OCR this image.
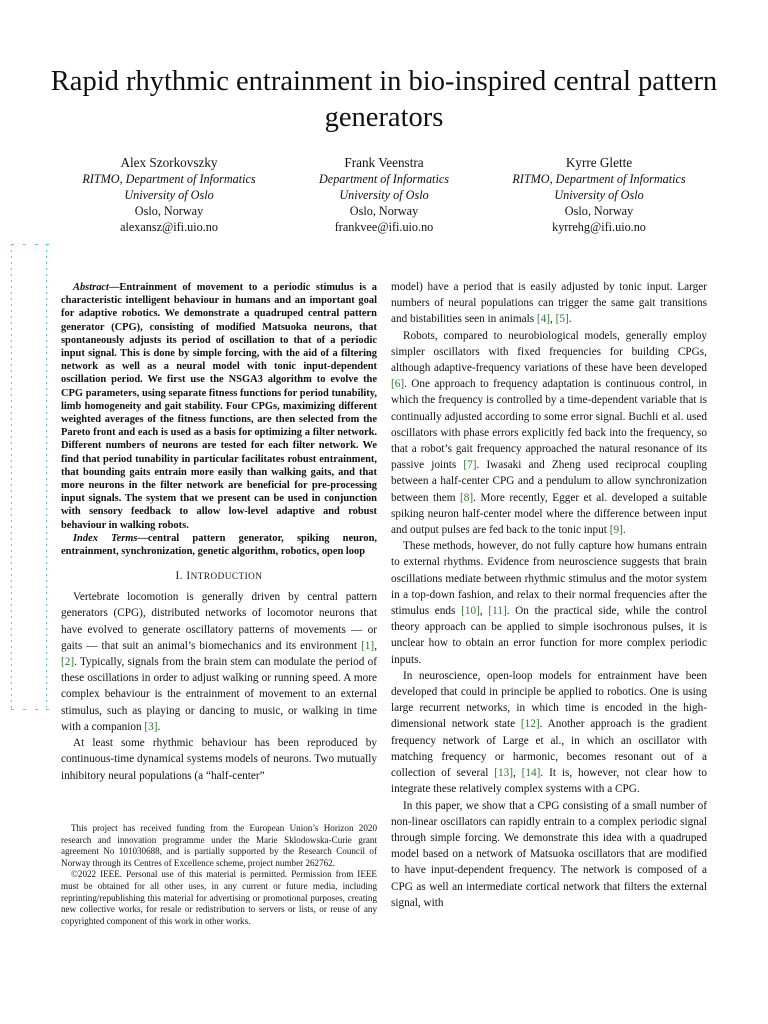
Rapid rhythmic entrainment in bio-inspired central pattern generators
Alex Szorkovszky
RITMO, Department of Informatics
University of Oslo
Oslo, Norway
alexansz@ifi.uio.no
Frank Veenstra
Department of Informatics
University of Oslo
Oslo, Norway
frankvee@ifi.uio.no
Kyrre Glette
RITMO, Department of Informatics
University of Oslo
Oslo, Norway
kyrrehg@ifi.uio.no
Abstract—Entrainment of movement to a periodic stimulus is a characteristic intelligent behaviour in humans and an important goal for adaptive robotics. We demonstrate a quadruped central pattern generator (CPG), consisting of modified Matsuoka neurons, that spontaneously adjusts its period of oscillation to that of a periodic input signal. This is done by simple forcing, with the aid of a filtering network as well as a neural model with tonic input-dependent oscillation period. We first use the NSGA3 algorithm to evolve the CPG parameters, using separate fitness functions for period tunability, limb homogeneity and gait stability. Four CPGs, maximizing different weighted averages of the fitness functions, are then selected from the Pareto front and each is used as a basis for optimizing a filter network. Different numbers of neurons are tested for each filter network. We find that period tunability in particular facilitates robust entrainment, that bounding gaits entrain more easily than walking gaits, and that more neurons in the filter network are beneficial for pre-processing input signals. The system that we present can be used in conjunction with sensory feedback to allow low-level adaptive and robust behaviour in walking robots.
Index Terms—central pattern generator, spiking neuron, entrainment, synchronization, genetic algorithm, robotics, open loop
I. INTRODUCTION

Vertebrate locomotion is generally driven by central pattern generators (CPG), distributed networks of locomotor neurons that have evolved to generate oscillatory patterns of movements — or gaits — that suit an animal’s biomechanics and its environment [1], [2]. Typically, signals from the brain stem can modulate the period of these oscillations in order to adjust walking or running speed. A more complex behaviour is the entrainment of movement to an external stimulus, such as playing or dancing to music, or walking in time with a companion [3].

At least some rhythmic behaviour has been reproduced by continuous-time dynamical systems models of neurons. Two mutually inhibitory neural populations (a “half-center”

This project has received funding from the European Union’s Horizon 2020 research and innovation programme under the Marie Sklodowska-Curie grant agreement No 101030688, and is partially supported by the Research Council of Norway through its Centres of Excellence scheme, project number 262762.

©2022 IEEE. Personal use of this material is permitted. Permission from IEEE must be obtained for all other uses, in any current or future media, including reprinting/republishing this material for advertising or promotional purposes, creating new collective works, for resale or redistribution to servers or lists, or reuse of any copyrighted component of this work in other works.

model) have a period that is easily adjusted by tonic input. Larger numbers of neural populations can trigger the same gait transitions and bistabilities seen in animals [4], [5].

Robots, compared to neurobiological models, generally employ simpler oscillators with fixed frequencies for building CPGs, although adaptive-frequency variations of these have been developed [6]. One approach to frequency adaptation is continuous control, in which the frequency is controlled by a time-dependent variable that is continually adjusted according to some error signal. Buchli et al. used oscillators with phase errors explicitly fed back into the frequency, so that a robot’s gait frequency approached the natural resonance of its passive joints [7]. Iwasaki and Zheng used reciprocal coupling between a half-center CPG and a pendulum to allow synchronization between them [8]. More recently, Egger et al. developed a suitable spiking neuron half-center model where the difference between input and output pulses are fed back to the tonic input [9].

These methods, however, do not fully capture how humans entrain to external rhythms. Evidence from neuroscience suggests that brain oscillations mediate between rhythmic stimulus and the motor system in a top-down fashion, and relax to their normal frequencies after the stimulus ends [10], [11]. On the practical side, while the control theory approach can be applied to simple isochronous pulses, it is unclear how to obtain an error function for more complex periodic inputs.

In neuroscience, open-loop models for entrainment have been developed that could in principle be applied to robotics. One is using large recurrent networks, in which time is encoded in the high-dimensional network state [12]. Another approach is the gradient frequency network of Large et al., in which an oscillator with matching frequency or harmonic, becomes resonant out of a collection of several [13], [14]. It is, however, not clear how to integrate these relatively complex systems with a CPG.

In this paper, we show that a CPG consisting of a small number of non-linear oscillators can rapidly entrain to a complex periodic signal through simple forcing. We demonstrate this idea with a quadruped model based on a network of Matsuoka oscillators that are modified to have input-dependent frequency. The network is composed of a CPG as well an intermediate cortical network that filters the external signal, with
